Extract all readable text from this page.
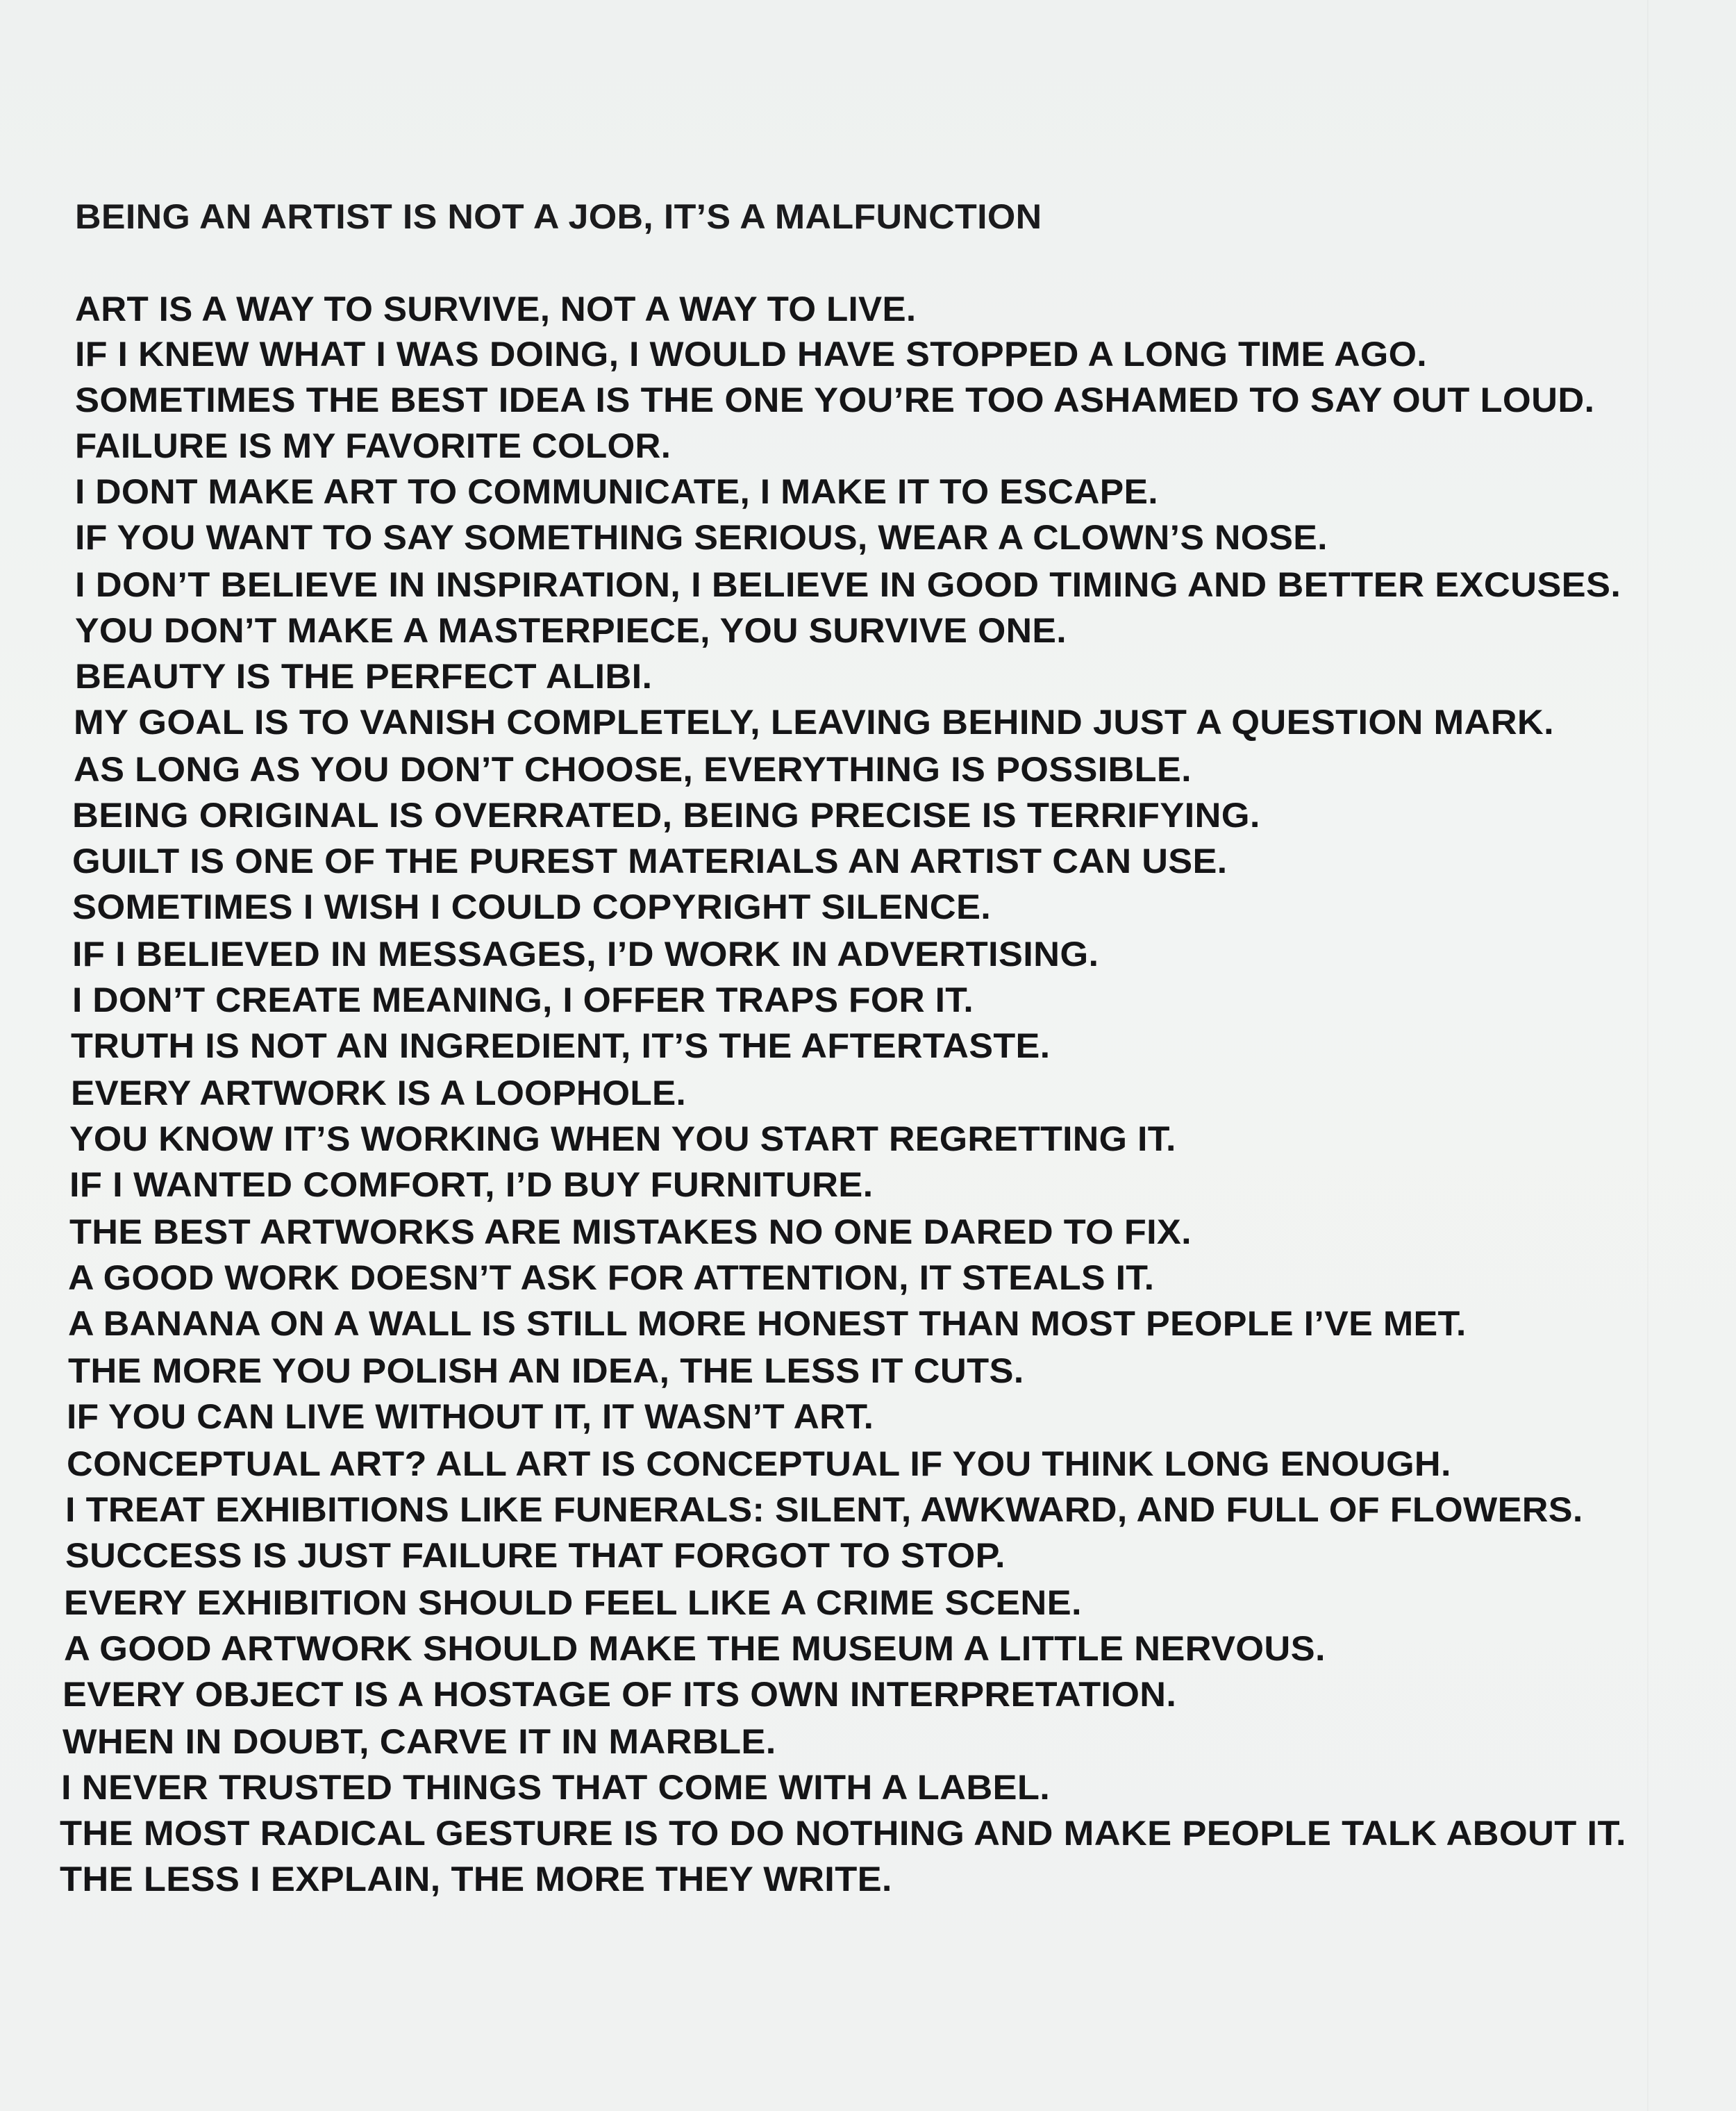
BEING AN ARTIST IS NOT A JOB, IT’S A MALFUNCTION
ART IS A WAY TO SURVIVE, NOT A WAY TO LIVE.
IF I KNEW WHAT I WAS DOING, I WOULD HAVE STOPPED A LONG TIME AGO.
SOMETIMES THE BEST IDEA IS THE ONE YOU’RE TOO ASHAMED TO SAY OUT LOUD.
FAILURE IS MY FAVORITE COLOR.
I DONT MAKE ART TO COMMUNICATE, I MAKE IT TO ESCAPE.
IF YOU WANT TO SAY SOMETHING SERIOUS, WEAR A CLOWN’S NOSE.
I DON’T BELIEVE IN INSPIRATION, I BELIEVE IN GOOD TIMING AND BETTER EXCUSES.
YOU DON’T MAKE A MASTERPIECE, YOU SURVIVE ONE.
BEAUTY IS THE PERFECT ALIBI.
MY GOAL IS TO VANISH COMPLETELY, LEAVING BEHIND JUST A QUESTION MARK.
AS LONG AS YOU DON’T CHOOSE, EVERYTHING IS POSSIBLE.
BEING ORIGINAL IS OVERRATED, BEING PRECISE IS TERRIFYING.
GUILT IS ONE OF THE PUREST MATERIALS AN ARTIST CAN USE.
SOMETIMES I WISH I COULD COPYRIGHT SILENCE.
IF I BELIEVED IN MESSAGES, I’D WORK IN ADVERTISING.
I DON’T CREATE MEANING, I OFFER TRAPS FOR IT.
TRUTH IS NOT AN INGREDIENT, IT’S THE AFTERTASTE.
EVERY ARTWORK IS A LOOPHOLE.
YOU KNOW IT’S WORKING WHEN YOU START REGRETTING IT.
IF I WANTED COMFORT, I’D BUY FURNITURE.
THE BEST ARTWORKS ARE MISTAKES NO ONE DARED TO FIX.
A GOOD WORK DOESN’T ASK FOR ATTENTION, IT STEALS IT.
A BANANA ON A WALL IS STILL MORE HONEST THAN MOST PEOPLE I’VE MET.
THE MORE YOU POLISH AN IDEA, THE LESS IT CUTS.
IF YOU CAN LIVE WITHOUT IT, IT WASN’T ART.
CONCEPTUAL ART? ALL ART IS CONCEPTUAL IF YOU THINK LONG ENOUGH.
I TREAT EXHIBITIONS LIKE FUNERALS: SILENT, AWKWARD, AND FULL OF FLOWERS.
SUCCESS IS JUST FAILURE THAT FORGOT TO STOP.
EVERY EXHIBITION SHOULD FEEL LIKE A CRIME SCENE.
A GOOD ARTWORK SHOULD MAKE THE MUSEUM A LITTLE NERVOUS.
EVERY OBJECT IS A HOSTAGE OF ITS OWN INTERPRETATION.
WHEN IN DOUBT, CARVE IT IN MARBLE.
I NEVER TRUSTED THINGS THAT COME WITH A LABEL.
THE MOST RADICAL GESTURE IS TO DO NOTHING AND MAKE PEOPLE TALK ABOUT IT.
THE LESS I EXPLAIN, THE MORE THEY WRITE.
